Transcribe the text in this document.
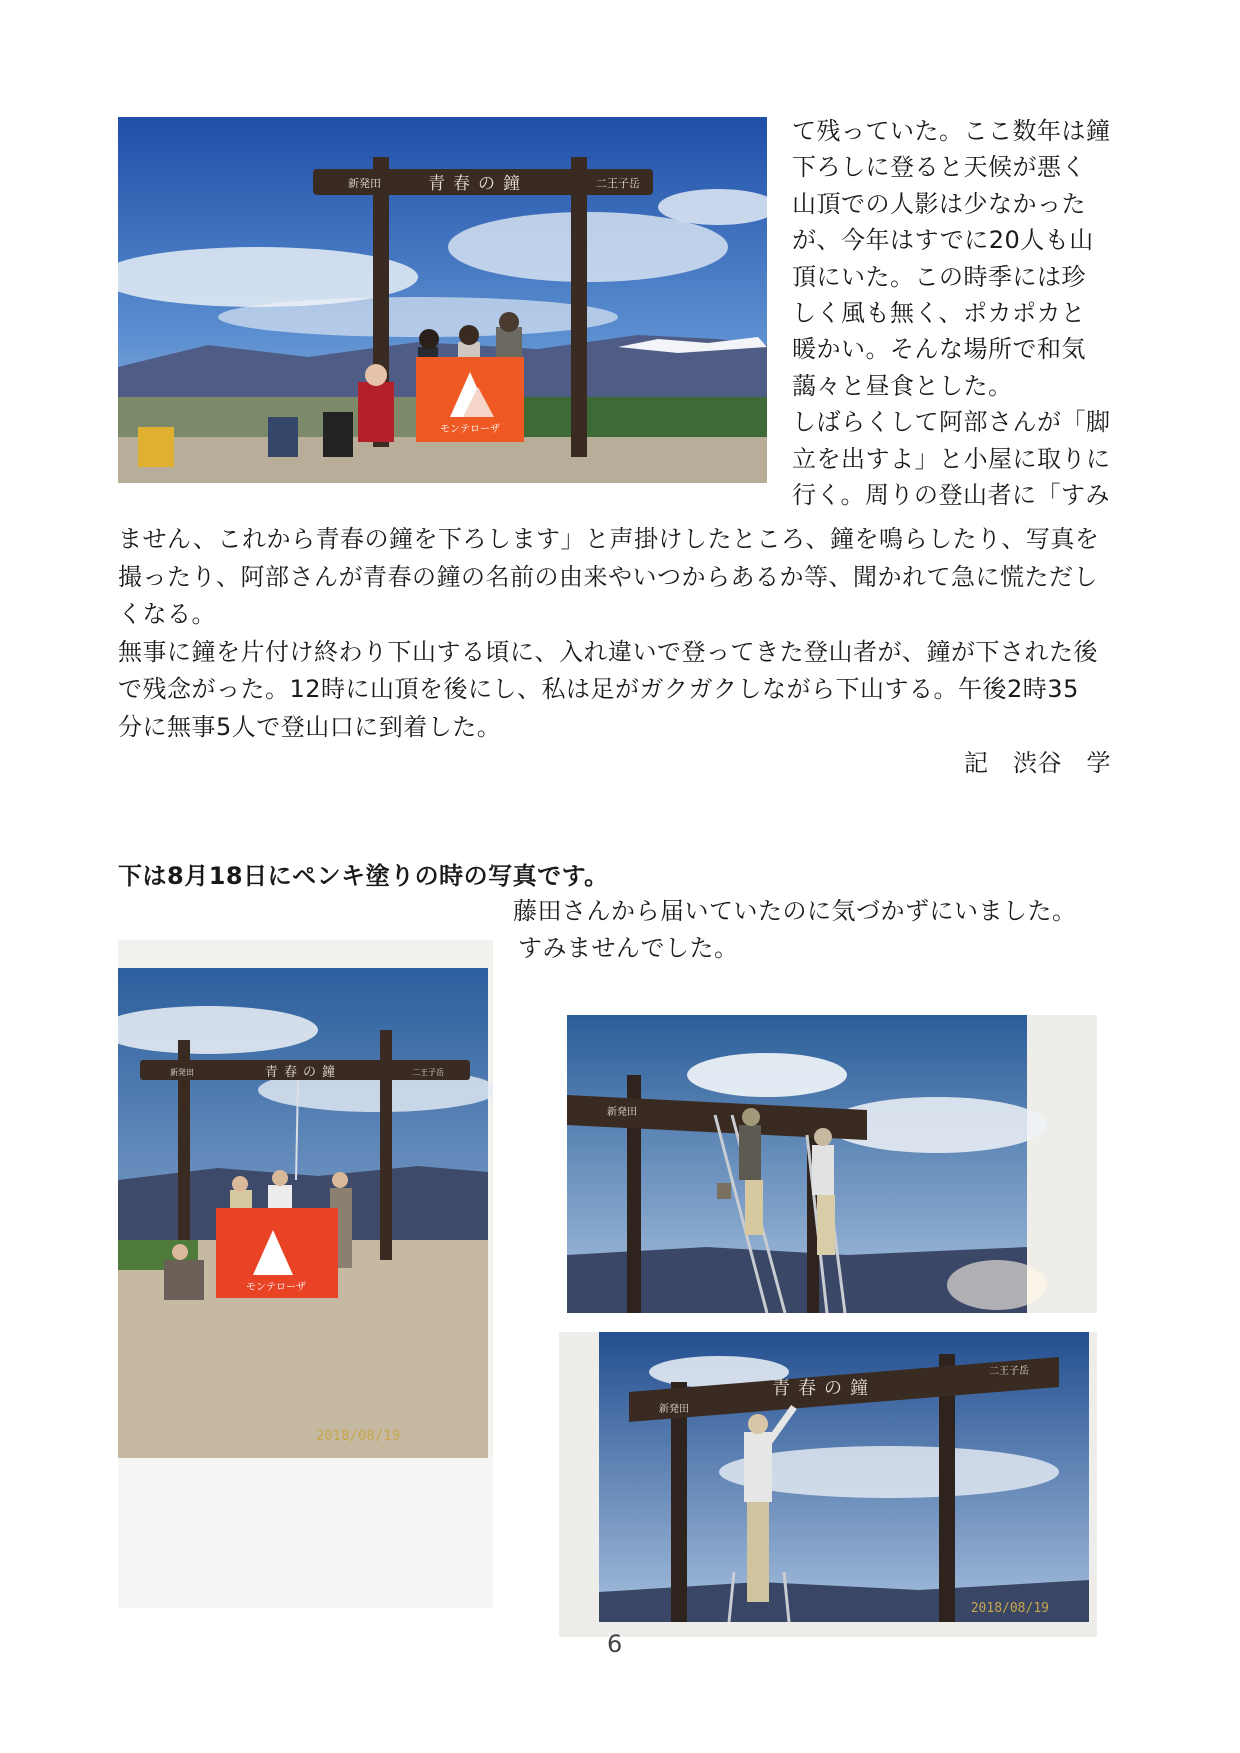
新発田	青春の鐘	二王子岳
モンテローザ
て残っていた。ここ数年は鐘
下ろしに登ると天候が悪く
山頂での人影は少なかった
が、今年はすでに20人も山
頂にいた。この時季には珍
しく風も無く、ポカポカと
暖かい。そんな場所で和気
藹々と昼食とした。
しばらくして阿部さんが「脚
立を出すよ」と小屋に取りに
行く。周りの登山者に「すみ
ません、これから青春の鐘を下ろします」と声掛けしたところ、鐘を鳴らしたり、写真を
撮ったり、阿部さんが青春の鐘の名前の由来やいつからあるか等、聞かれて急に慌ただし
くなる。
無事に鐘を片付け終わり下山する頃に、入れ違いで登ってきた登山者が、鐘が下された後
で残念がった。12時に山頂を後にし、私は足がガクガクしながら下山する。午後2時35
分に無事5人で登山口に到着した。
記　渋谷　学
下は8月18日にペンキ塗りの時の写真です。
藤田さんから届いていたのに気づかずにいました。
すみませんでした。
新発田	青春の鐘	二王子岳
モンテローザ
2018/08/19
新発田
新発田
青春の鐘
二王子岳
2018/08/19
6
